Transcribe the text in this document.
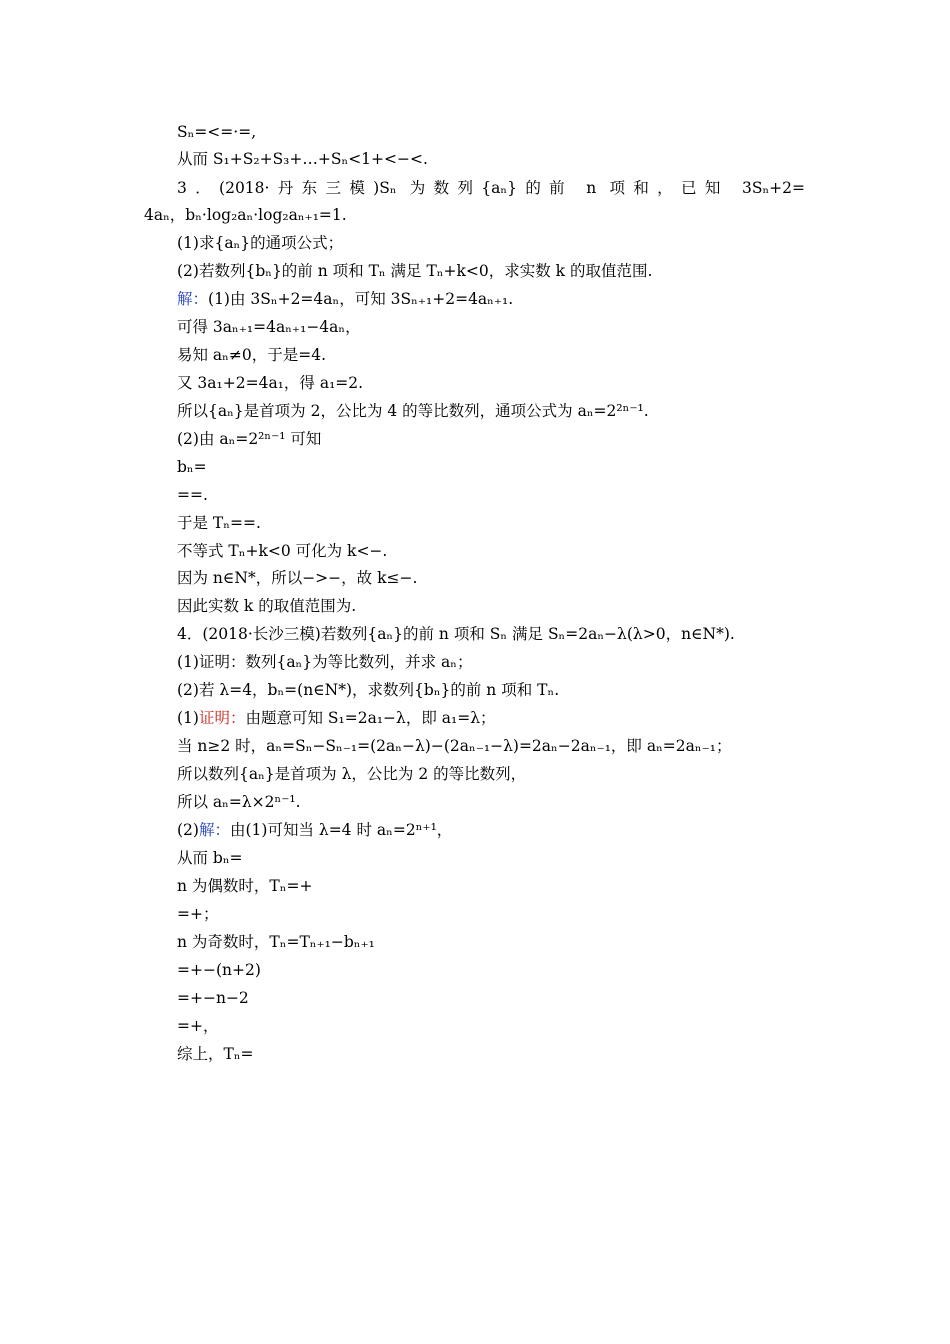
Sₙ=<=·=,
从而 S₁+S₂+S₃+…+Sₙ<1+<−<.
3．(2018·丹东三模)Sₙ 为数列{aₙ}的前 n 项和，已知 3Sₙ+2=
4aₙ，bₙ·log₂aₙ·log₂aₙ₊₁=1.
(1)求{aₙ}的通项公式；
(2)若数列{bₙ}的前 n 项和 Tₙ 满足 Tₙ+k<0，求实数 k 的取值范围.
解：(1)由 3Sₙ+2=4aₙ，可知 3Sₙ₊₁+2=4aₙ₊₁.
可得 3aₙ₊₁=4aₙ₊₁−4aₙ，
易知 aₙ≠0，于是=4.
又 3a₁+2=4a₁，得 a₁=2.
所以{aₙ}是首项为 2，公比为 4 的等比数列，通项公式为 aₙ=2²ⁿ⁻¹.
(2)由 aₙ=2²ⁿ⁻¹ 可知
bₙ=
==.
于是 Tₙ==.
不等式 Tₙ+k<0 可化为 k<−.
因为 n∈N*，所以−>−，故 k≤−.
因此实数 k 的取值范围为.
4．(2018·长沙三模)若数列{aₙ}的前 n 项和 Sₙ 满足 Sₙ=2aₙ−λ(λ>0，n∈N*).
(1)证明：数列{aₙ}为等比数列，并求 aₙ；
(2)若 λ=4，bₙ=(n∈N*)，求数列{bₙ}的前 n 项和 Tₙ.
(1)证明：由题意可知 S₁=2a₁−λ，即 a₁=λ；
当 n≥2 时，aₙ=Sₙ−Sₙ₋₁=(2aₙ−λ)−(2aₙ₋₁−λ)=2aₙ−2aₙ₋₁，即 aₙ=2aₙ₋₁；
所以数列{aₙ}是首项为 λ，公比为 2 的等比数列，
所以 aₙ=λ×2ⁿ⁻¹.
(2)解：由(1)可知当 λ=4 时 aₙ=2ⁿ⁺¹，
从而 bₙ=
n 为偶数时，Tₙ=+
=+；
n 为奇数时，Tₙ=Tₙ₊₁−bₙ₊₁
=+−(n+2)
=+−n−2
=+，
综上，Tₙ=
